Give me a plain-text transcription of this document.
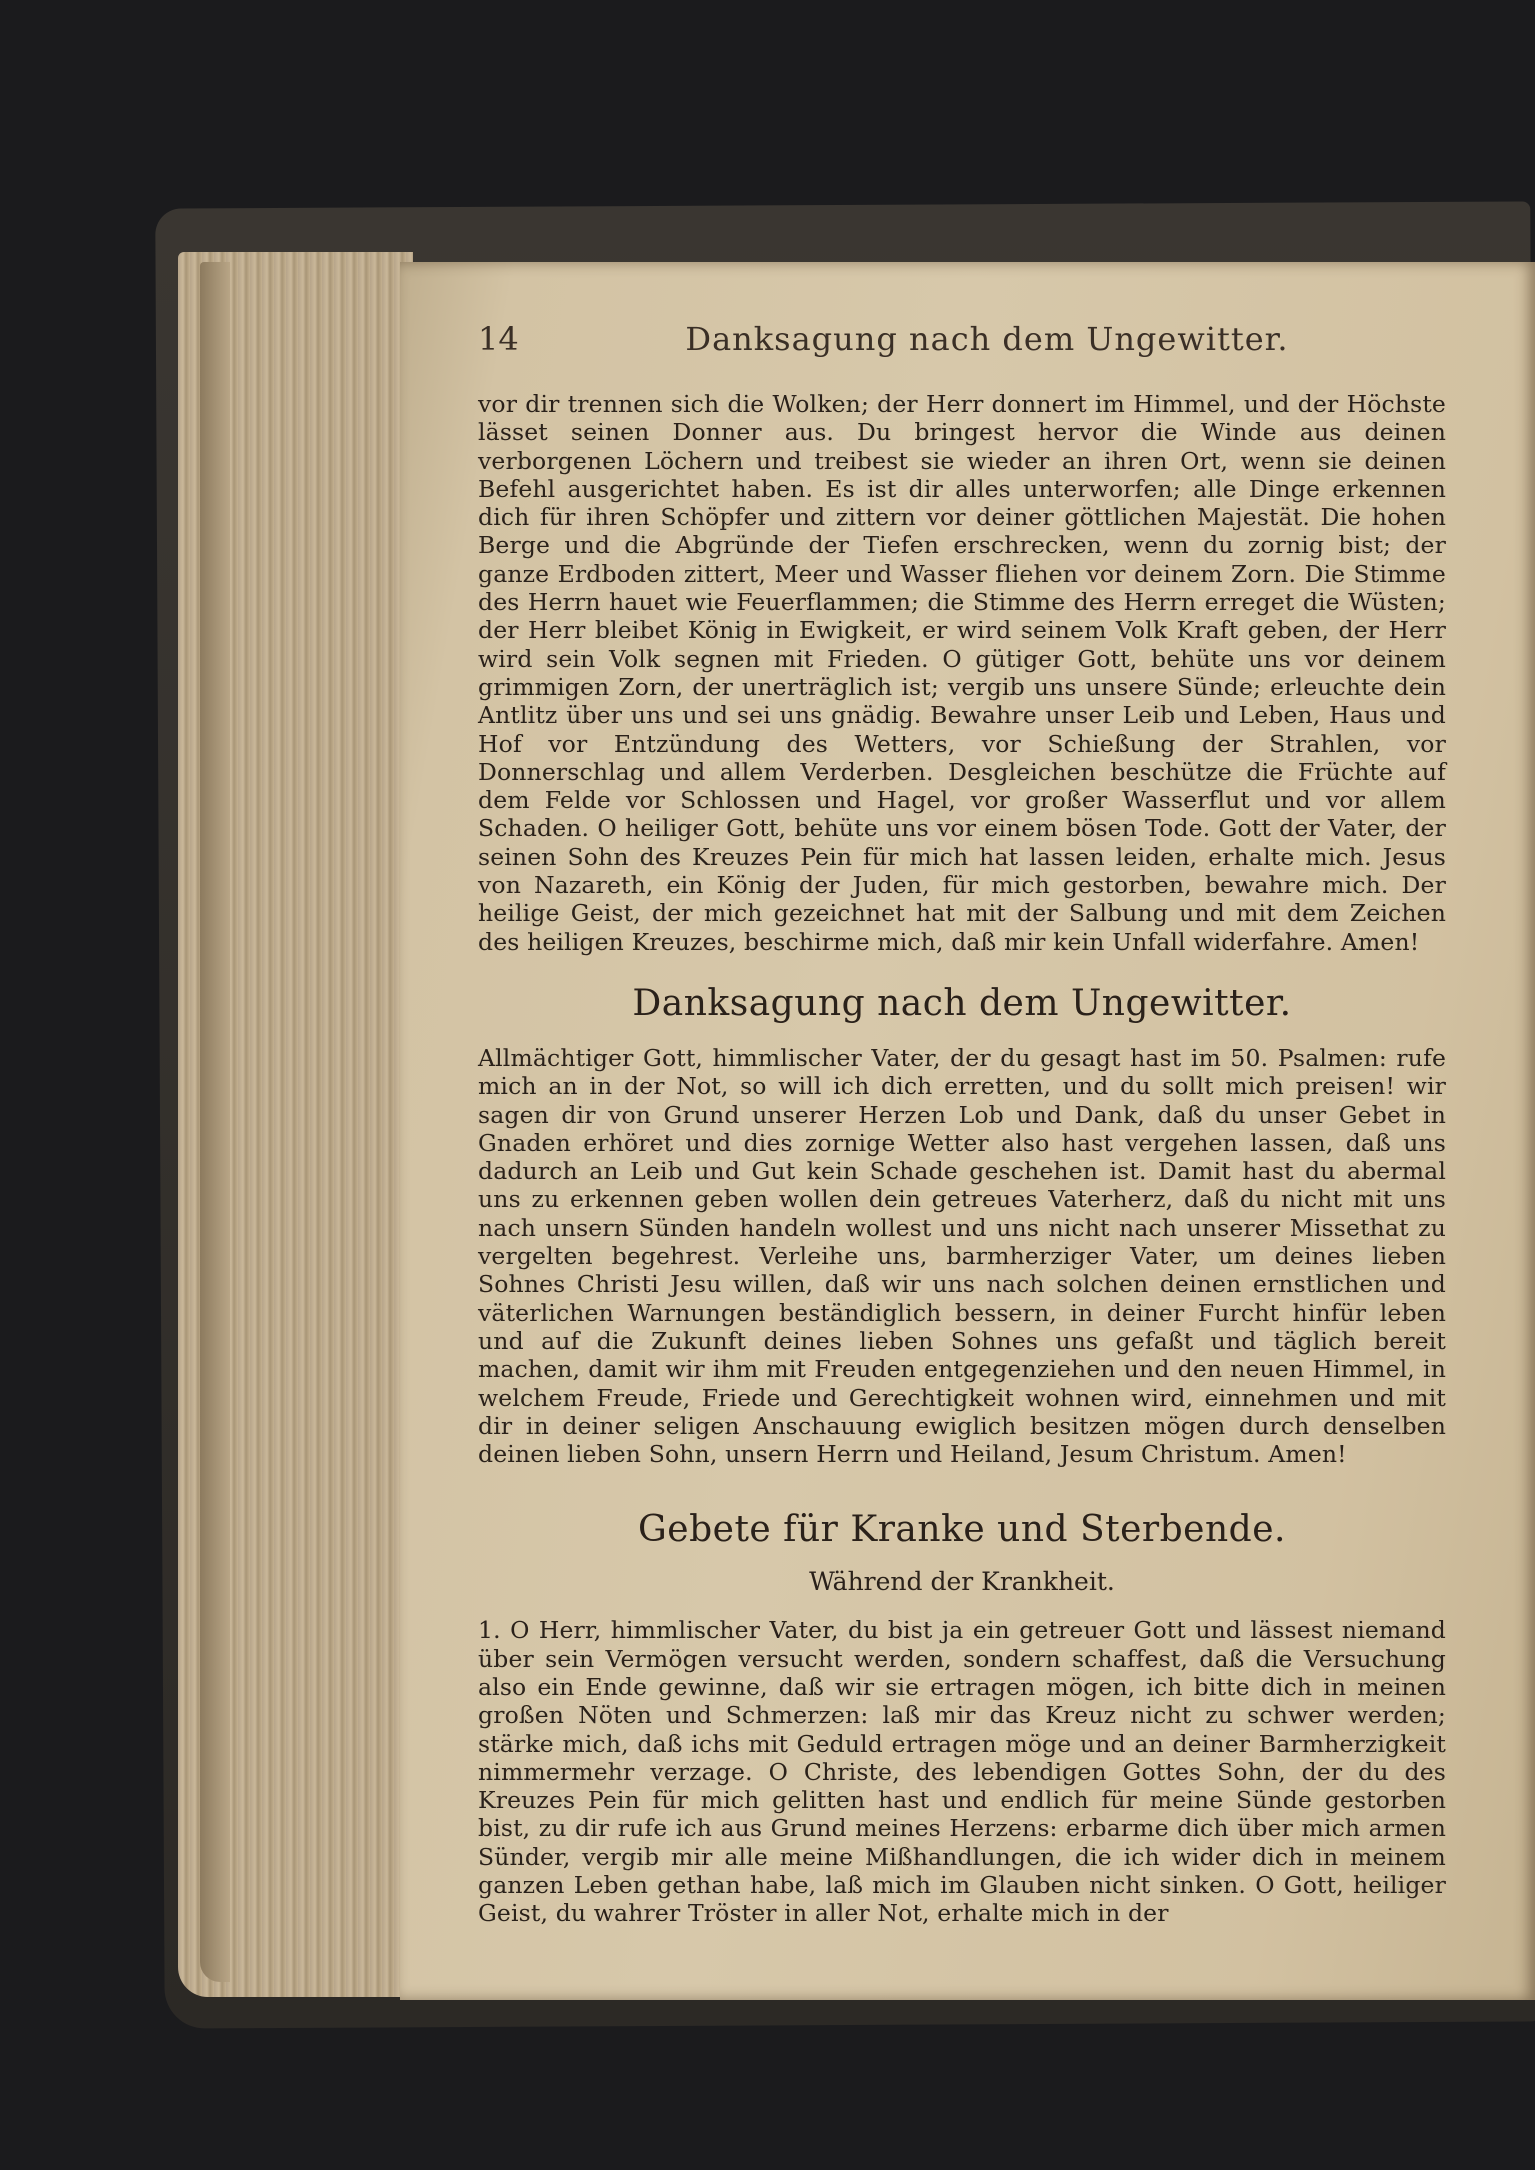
14	Danksagung nach dem Ungewitter.

vor dir trennen sich die Wolken; der Herr donnert im Himmel, und der Höchste lässet seinen Donner aus. Du bringest hervor die Winde aus deinen verborgenen Löchern und treibest sie wieder an ihren Ort, wenn sie deinen Befehl ausgerichtet haben. Es ist dir alles unterworfen; alle Dinge erkennen dich für ihren Schöpfer und zittern vor deiner göttlichen Majestät. Die hohen Berge und die Abgründe der Tiefen erschrecken, wenn du zornig bist; der ganze Erdboden zittert, Meer und Wasser fliehen vor deinem Zorn. Die Stimme des Herrn hauet wie Feuerflammen; die Stimme des Herrn erreget die Wüsten; der Herr bleibet König in Ewigkeit, er wird seinem Volk Kraft geben, der Herr wird sein Volk segnen mit Frieden. O gütiger Gott, behüte uns vor deinem grimmigen Zorn, der unerträglich ist; vergib uns unsere Sünde; erleuchte dein Antlitz über uns und sei uns gnädig. Bewahre unser Leib und Leben, Haus und Hof vor Entzündung des Wetters, vor Schießung der Strahlen, vor Donnerschlag und allem Verderben. Desgleichen beschütze die Früchte auf dem Felde vor Schlossen und Hagel, vor großer Wasserflut und vor allem Schaden. O heiliger Gott, behüte uns vor einem bösen Tode. Gott der Vater, der seinen Sohn des Kreuzes Pein für mich hat lassen leiden, erhalte mich. Jesus von Nazareth, ein König der Juden, für mich gestorben, bewahre mich. Der heilige Geist, der mich gezeichnet hat mit der Salbung und mit dem Zeichen des heiligen Kreuzes, beschirme mich, daß mir kein Unfall widerfahre. Amen!

Danksagung nach dem Ungewitter.

Allmächtiger Gott, himmlischer Vater, der du gesagt hast im 50. Psalmen: rufe mich an in der Not, so will ich dich erretten, und du sollt mich preisen! wir sagen dir von Grund unserer Herzen Lob und Dank, daß du unser Gebet in Gnaden erhöret und dies zornige Wetter also hast vergehen lassen, daß uns dadurch an Leib und Gut kein Schade geschehen ist. Damit hast du abermal uns zu erkennen geben wollen dein getreues Vaterherz, daß du nicht mit uns nach unsern Sünden handeln wollest und uns nicht nach unserer Missethat zu vergelten begehrest. Verleihe uns, barmherziger Vater, um deines lieben Sohnes Christi Jesu willen, daß wir uns nach solchen deinen ernstlichen und väterlichen Warnungen beständiglich bessern, in deiner Furcht hinfür leben und auf die Zukunft deines lieben Sohnes uns gefaßt und täglich bereit machen, damit wir ihm mit Freuden entgegenziehen und den neuen Himmel, in welchem Freude, Friede und Gerechtigkeit wohnen wird, einnehmen und mit dir in deiner seligen Anschauung ewiglich besitzen mögen durch denselben deinen lieben Sohn, unsern Herrn und Heiland, Jesum Christum. Amen!

Gebete für Kranke und Sterbende.
Während der Krankheit.

1. O Herr, himmlischer Vater, du bist ja ein getreuer Gott und lässest niemand über sein Vermögen versucht werden, sondern schaffest, daß die Versuchung also ein Ende gewinne, daß wir sie ertragen mögen, ich bitte dich in meinen großen Nöten und Schmerzen: laß mir das Kreuz nicht zu schwer werden; stärke mich, daß ichs mit Geduld ertragen möge und an deiner Barmherzigkeit nimmermehr verzage. O Christe, des lebendigen Gottes Sohn, der du des Kreuzes Pein für mich gelitten hast und endlich für meine Sünde gestorben bist, zu dir rufe ich aus Grund meines Herzens: erbarme dich über mich armen Sünder, vergib mir alle meine Mißhandlungen, die ich wider dich in meinem ganzen Leben gethan habe, laß mich im Glauben nicht sinken. O Gott, heiliger Geist, du wahrer Tröster in aller Not, erhalte mich in der
